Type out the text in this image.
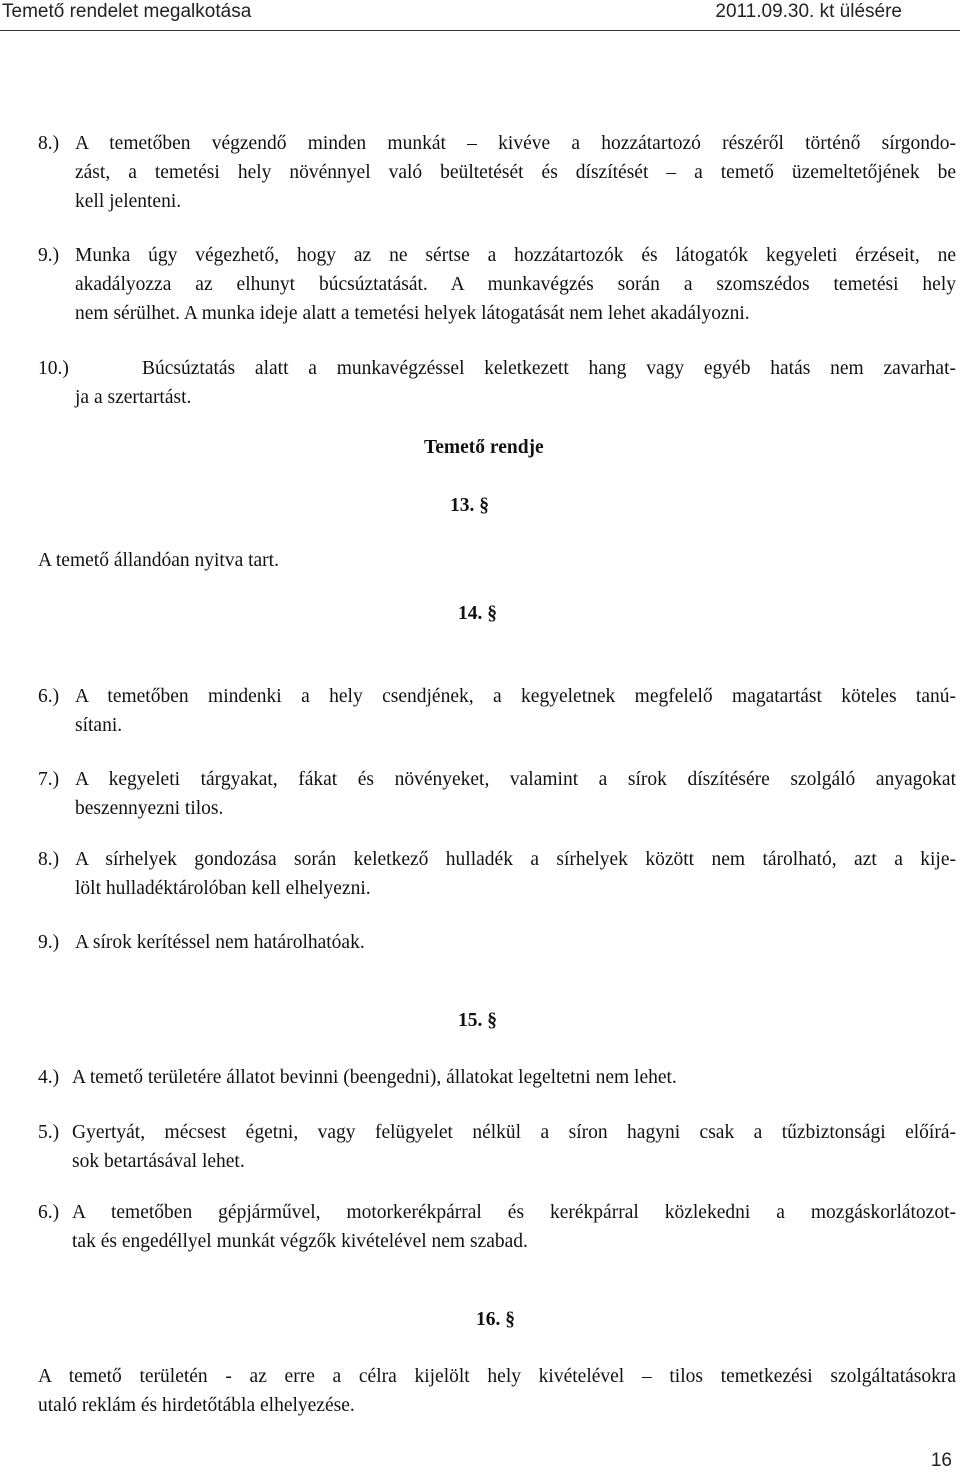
Temető rendelet megalkotása	2011.09.30. kt ülésére
8.) A temetőben végzendő minden munkát – kivéve a hozzátartozó részéről történő sírgondo-
zást, a temetési hely növénnyel való beültetését és díszítését – a temető üzemeltetőjének be
kell jelenteni.
9.) Munka úgy végezhető, hogy az ne sértse a hozzátartozók és látogatók kegyeleti érzéseit, ne
akadályozza az elhunyt búcsúztatását. A munkavégzés során a szomszédos temetési hely
nem sérülhet. A munka ideje alatt a temetési helyek látogatását nem lehet akadályozni.
10.)	Búcsúztatás alatt a munkavégzéssel keletkezett hang vagy egyéb hatás nem zavarhat-
ja a szertartást.
Temető rendje
13. §
A temető állandóan nyitva tart.
14. §
6.) A temetőben mindenki a hely csendjének, a kegyeletnek megfelelő magatartást köteles tanú-
sítani.
7.) A kegyeleti tárgyakat, fákat és növényeket, valamint a sírok díszítésére szolgáló anyagokat
beszennyezni tilos.
8.) A sírhelyek gondozása során keletkező hulladék a sírhelyek között nem tárolható, azt a kije-
lölt hulladéktárolóban kell elhelyezni.
9.) A sírok kerítéssel nem határolhatóak.
15. §
4.) A temető területére állatot bevinni (beengedni), állatokat legeltetni nem lehet.
5.) Gyertyát, mécsest égetni, vagy felügyelet nélkül a síron hagyni csak a tűzbiztonsági előírá-
sok betartásával lehet.
6.) A temetőben gépjárművel, motorkerékpárral és kerékpárral közlekedni a mozgáskorlátozot-
tak és engedéllyel munkát végzők kivételével nem szabad.
16. §
A temető területén - az erre a célra kijelölt hely kivételével – tilos temetkezési szolgáltatásokra
utaló reklám és hirdetőtábla elhelyezése.
16
